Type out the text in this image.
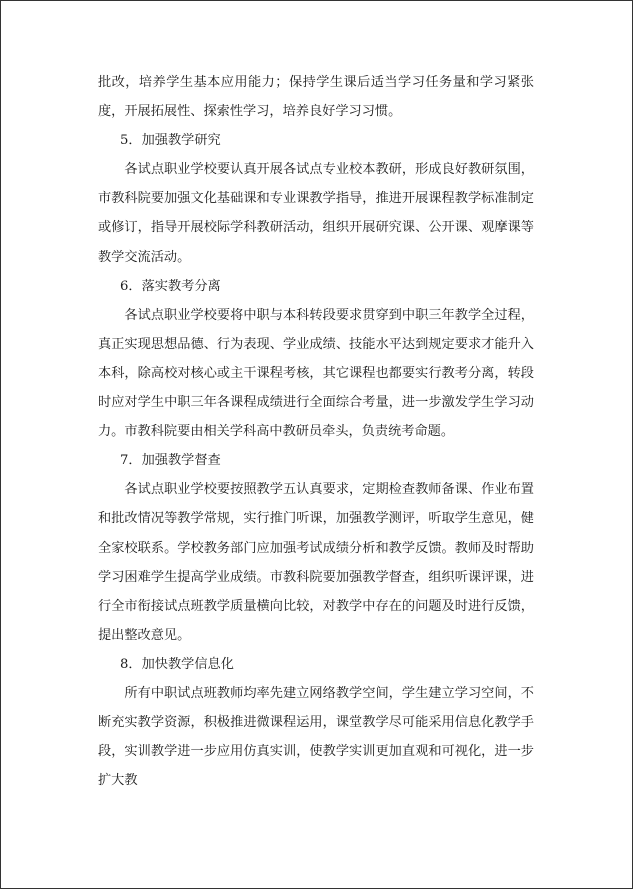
批改，培养学生基本应用能力；保持学生课后适当学习任务量和学习紧张度，开展拓展性、探索性学习，培养良好学习习惯。

5．加强教学研究

各试点职业学校要认真开展各试点专业校本教研，形成良好教研氛围，市教科院要加强文化基础课和专业课教学指导，推进开展课程教学标准制定或修订，指导开展校际学科教研活动，组织开展研究课、公开课、观摩课等教学交流活动。

6．落实教考分离

各试点职业学校要将中职与本科转段要求贯穿到中职三年教学全过程，真正实现思想品德、行为表现、学业成绩、技能水平达到规定要求才能升入本科，除高校对核心或主干课程考核，其它课程也都要实行教考分离，转段时应对学生中职三年各课程成绩进行全面综合考量，进一步激发学生学习动力。市教科院要由相关学科高中教研员牵头，负责统考命题。

7．加强教学督查

各试点职业学校要按照教学五认真要求，定期检查教师备课、作业布置和批改情况等教学常规，实行推门听课，加强教学测评，听取学生意见，健全家校联系。学校教务部门应加强考试成绩分析和教学反馈。教师及时帮助学习困难学生提高学业成绩。市教科院要加强教学督查，组织听课评课，进行全市衔接试点班教学质量横向比较，对教学中存在的问题及时进行反馈，提出整改意见。

8．加快教学信息化

所有中职试点班教师均率先建立网络教学空间，学生建立学习空间，不断充实教学资源，积极推进微课程运用，课堂教学尽可能采用信息化教学手段，实训教学进一步应用仿真实训，使教学实训更加直观和可视化，进一步扩大教
